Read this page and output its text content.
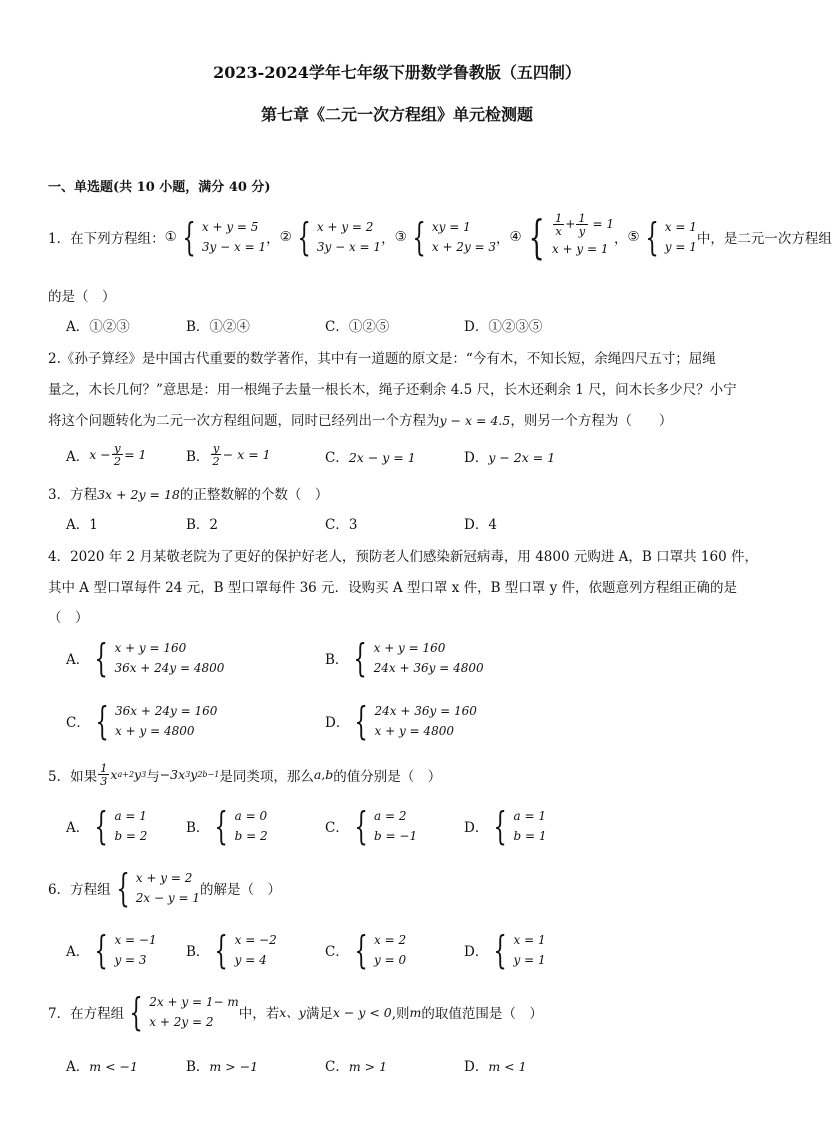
2023-2024学年七年级下册数学鲁教版（五四制）
第七章《二元一次方程组》单元检测题
一、单选题(共 10 小题，满分 40 分)
1．在下列方程组： ① { x + y = 5
3y − x = 1 ， ② { x + y = 2
3y − x = 1 ， ③ { xy = 1
x + 2y = 3 ， ④ { $\frac{1}{x} + \frac{1}{y} = 1$
x + y = 1
， ⑤ { x = 1
y = 1 中，是二元一次方程组
的是（　）
A．①②③	B．①②④	C．①②⑤	D．①②③⑤
2.《孙子算经》是中国古代重要的数学著作，其中有一道题的原文是：“今有木，不知长短，余绳四尺五寸；屈绳
量之，木长几何？”意思是：用一根绳子去量一根长木，绳子还剩余 4.5 尺，长木还剩余 1 尺，问木长多少尺？小宁
将这个问题转化为二元一次方程组问题，同时已经列出一个方程为y − x = 4.5，则另一个方程为（　　）
A． $x - \frac{y}{2} = 1$	B． $\frac{y}{2} - x = 1$	C．2x − y = 1	D．y − 2x = 1
3．方程3x + 2y = 18的正整数解的个数（　）
A．1	B．2	C．3	D．4
4．2020 年 2 月某敬老院为了更好的保护好老人，预防老人们感染新冠病毒，用 4800 元购进 A，B 口罩共 160 件，
其中 A 型口罩每件 24 元，B 型口罩每件 36 元．设购买 A 型口罩 x 件，B 型口罩 y 件，依题意列方程组正确的是
（　）
A． { x + y = 160
36x + 24y = 4800	B． { x + y = 160
24x + 36y = 4800
C． { 36x + 24y = 160
x + y = 4800	D． { 24x + 36y = 160
x + y = 4800
5．如果 $\frac{1}{3}$ x a+2 y 3 与 −3x 3 y 2b−1 是同类项，那么 a,b 的值分别是（　）
A． { a = 1
b = 2	B． { a = 0
b = 2	C． { a = 2
b = −1	D． { a = 1
b = 1
6．方程组 { x + y = 2
2x − y = 1 的解是（　）
A． { x = −1
y = 3	B． { x = −2
y = 4	C． { x = 2
y = 0	D． { x = 1
y = 1
7．在方程组 { 2x + y = 1− m
x + 2y = 2	中，若 x、y 满足 x − y < 0 ,则 m 的取值范围是（　）
A．m < −1	B．m > −1	C．m > 1	D．m < 1
